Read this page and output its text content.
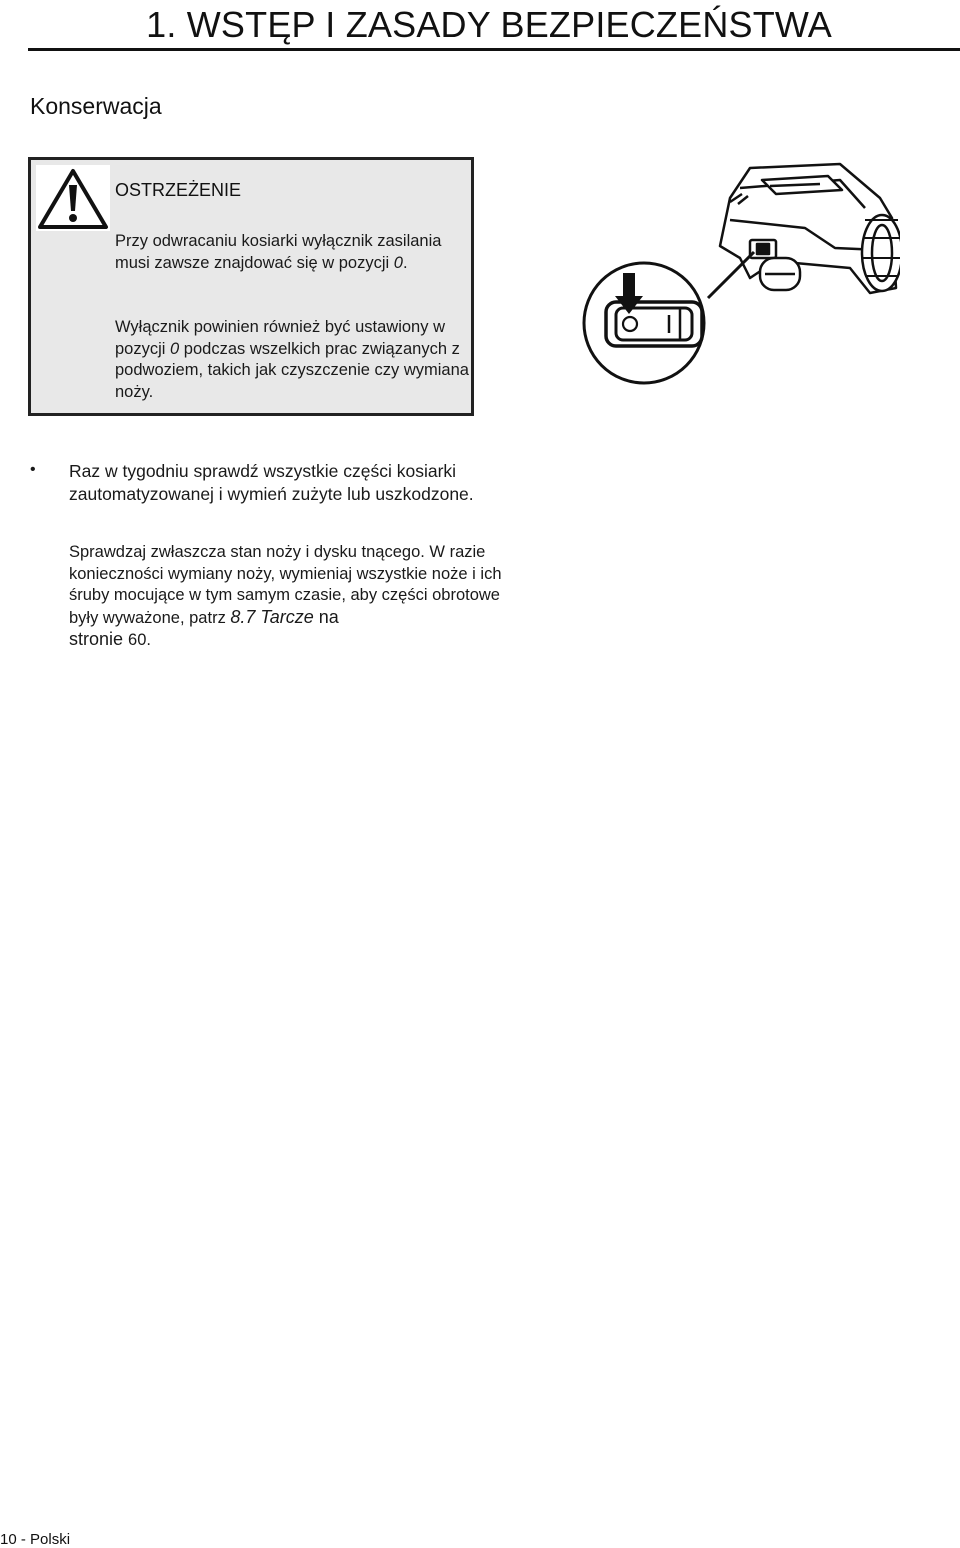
1. WSTĘP I ZASADY BEZPIECZEŃSTWA
Konserwacja
OSTRZEŻENIE
Przy odwracaniu kosiarki wyłącznik zasilania musi zawsze znajdować się w pozycji 0.
Wyłącznik powinien również być ustawiony w pozycji 0 podczas wszelkich prac związanych z podwoziem, takich jak czyszczenie czy wymiana noży.
• Raz w tygodniu sprawdź wszystkie części kosiarki zautomatyzowanej i wymień zużyte lub uszkodzone.
Sprawdzaj zwłaszcza stan noży i dysku tnącego. W razie konieczności wymiany noży, wymieniaj wszystkie noże i ich śruby mocujące w tym samym czasie, aby części obrotowe były wyważone, patrz 8.7 Tarcze na
stronie 60.
10 - Polski
